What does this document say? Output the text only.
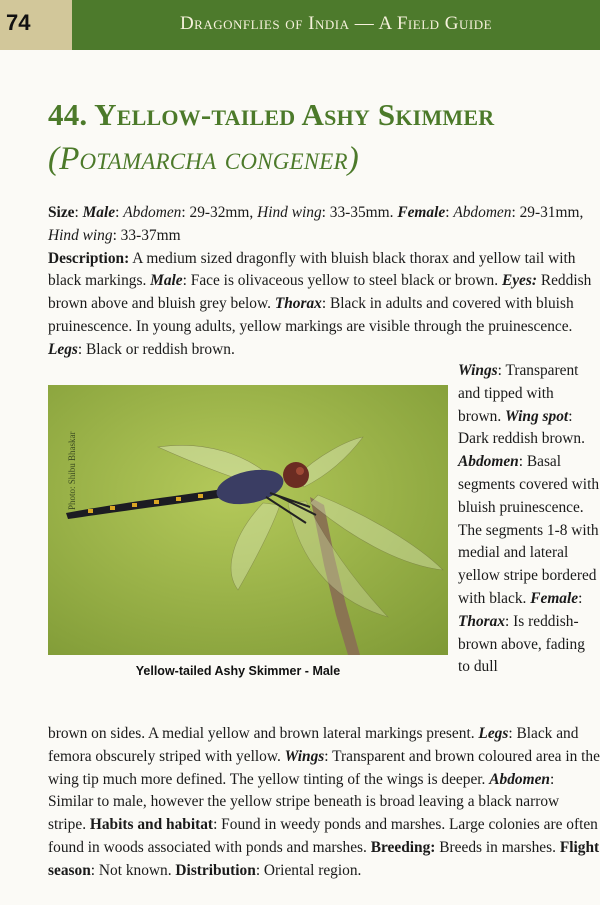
74	Dragonflies of India — A Field Guide
44. Yellow-tailed Ashy Skimmer
(Potamarcha congener)

Size: Male: Abdomen: 29-32mm, Hind wing: 33-35mm. Female: Abdomen: 29-31mm, Hind wing: 33-37mm

Description: A medium sized dragonfly with bluish black thorax and yellow tail with black markings. Male: Face is olivaceous yellow to steel black or brown. Eyes: Reddish brown above and bluish grey below. Thorax: Black in adults and covered with bluish pruinescence. In young adults, yellow markings are visible through the pruinescence. Legs: Black or reddish brown.

Photo: Shibu Bhaskar
Yellow-tailed Ashy Skimmer - Male
Wings: Transparent and tipped with brown. Wing spot: Dark reddish brown. Abdomen: Basal segments covered with bluish pruinescence. The segments 1-8 with medial and lateral yellow stripe bordered with black. Female: Thorax: Is reddish-brown above, fading to dull
brown on sides. A medial yellow and brown lateral markings present. Legs: Black and femora obscurely striped with yellow. Wings: Transparent and brown coloured area in the wing tip much more defined. The yellow tinting of the wings is deeper. Abdomen: Similar to male, however the yellow stripe beneath is broad leaving a black narrow stripe. Habits and habitat: Found in weedy ponds and marshes. Large colonies are often found in woods associated with ponds and marshes. Breeding: Breeds in marshes. Flight season: Not known. Distribution: Oriental region.
